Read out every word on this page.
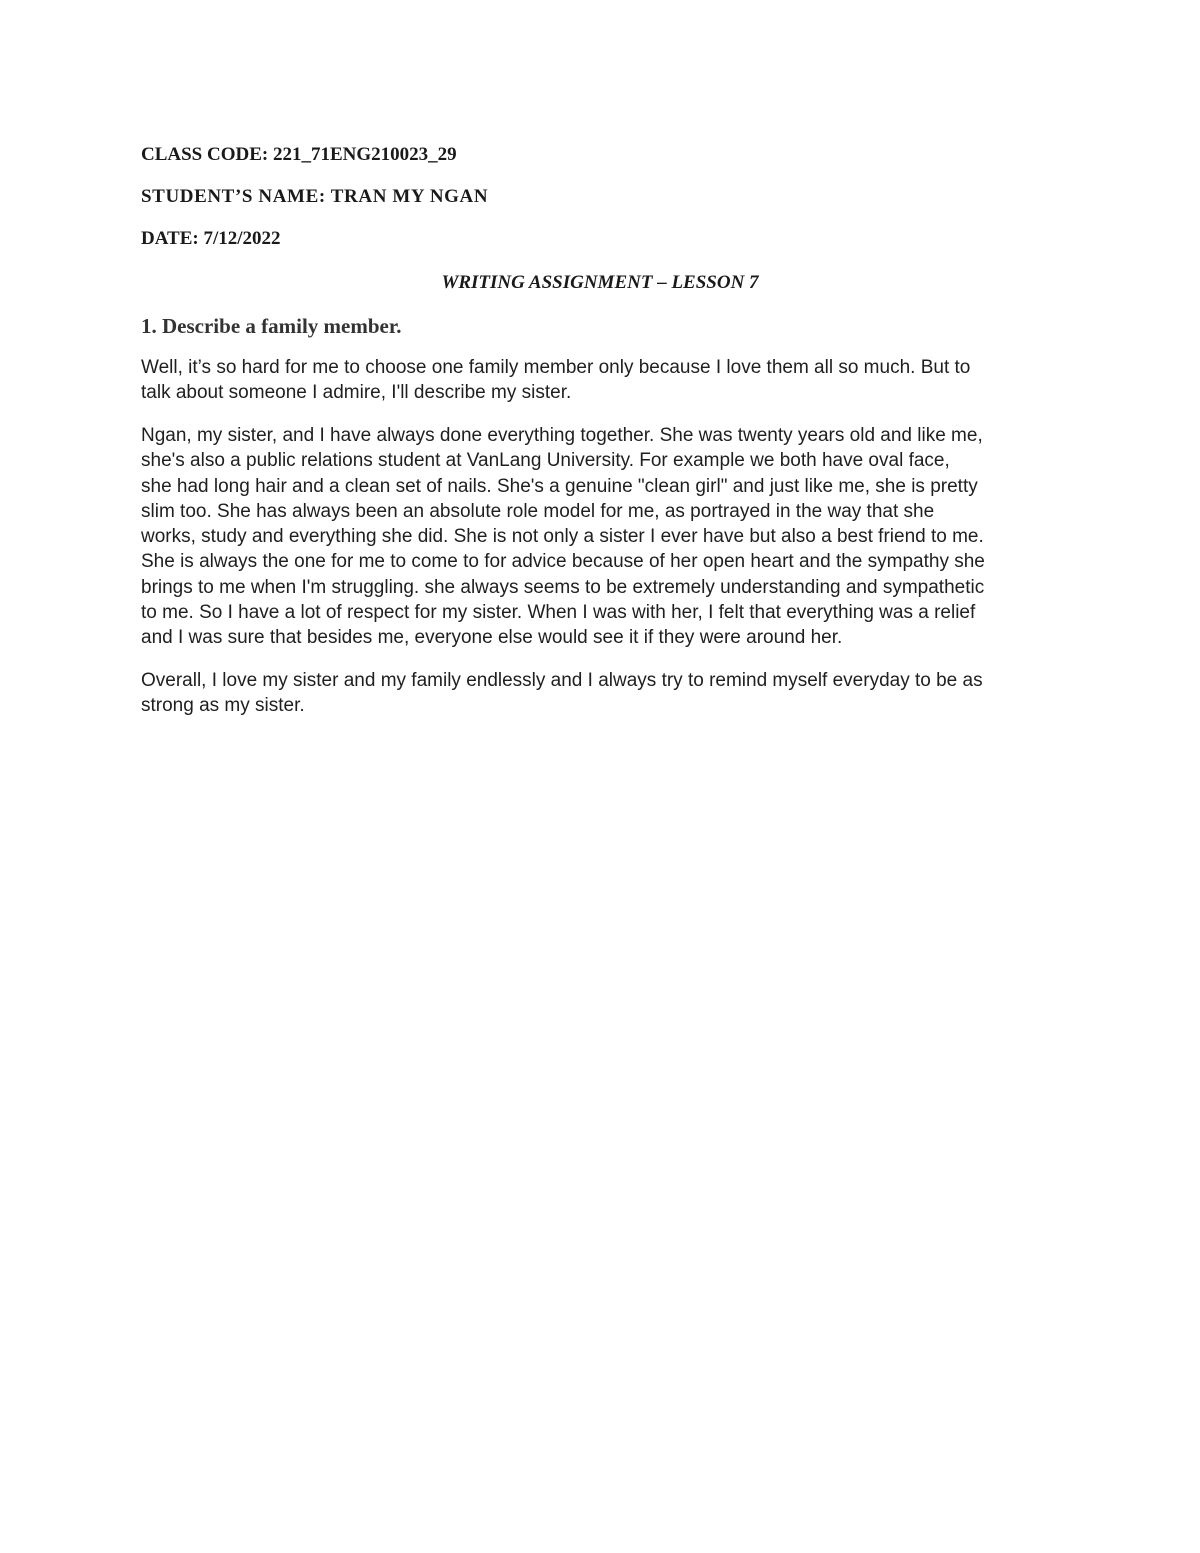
CLASS CODE: 221_71ENG210023_29
STUDENT’S NAME: TRAN MY NGAN
DATE: 7/12/2022
WRITING ASSIGNMENT – LESSON 7
1. Describe a family member.
Well, it’s so hard for me to choose one family member only because I love them all so much. But to
talk about someone I admire, I'll describe my sister.
Ngan, my sister, and I have always done everything together. She was twenty years old and like me,
she's also a public relations student at VanLang University. For example we both have oval face,
she had long hair and a clean set of nails. She's a genuine "clean girl" and just like me, she is pretty
slim too. She has always been an absolute role model for me, as portrayed in the way that she
works, study and everything she did. She is not only a sister I ever have but also a best friend to me.
She is always the one for me to come to for advice because of her open heart and the sympathy she
brings to me when I'm struggling. she always seems to be extremely understanding and sympathetic
to me. So I have a lot of respect for my sister. When I was with her, I felt that everything was a relief
and I was sure that besides me, everyone else would see it if they were around her.
Overall, I love my sister and my family endlessly and I always try to remind myself everyday to be as
strong as my sister.
